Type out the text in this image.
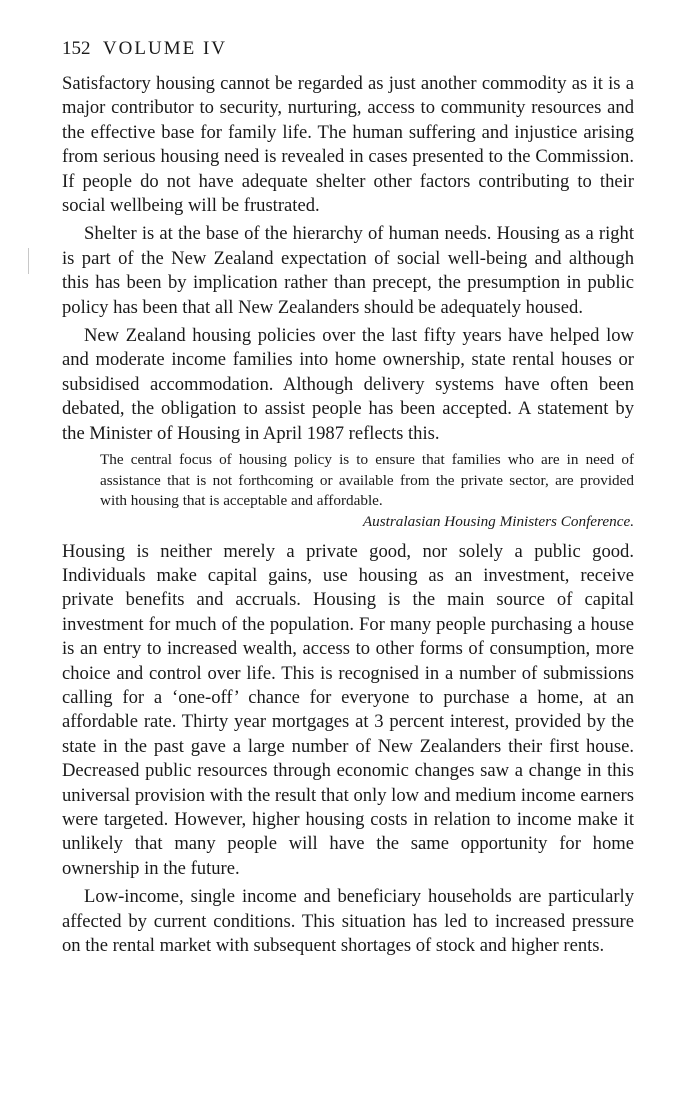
152 VOLUME IV

Satisfactory housing cannot be regarded as just another commodity as it is a major contributor to security, nurturing, access to community resources and the effective base for family life. The human suffering and injustice arising from serious housing need is revealed in cases presented to the Commission. If people do not have adequate shelter other factors contributing to their social wellbeing will be frustrated.

Shelter is at the base of the hierarchy of human needs. Housing as a right is part of the New Zealand expectation of social well-being and although this has been by implication rather than precept, the presumption in public policy has been that all New Zealanders should be adequately housed.

New Zealand housing policies over the last fifty years have helped low and moderate income families into home ownership, state rental houses or subsidised accommodation. Although delivery systems have often been debated, the obligation to assist people has been accepted. A statement by the Minister of Housing in April 1987 reflects this.

The central focus of housing policy is to ensure that families who are in need of assistance that is not forthcoming or available from the private sector, are provided with housing that is acceptable and affordable.

Australasian Housing Ministers Conference.

Housing is neither merely a private good, nor solely a public good. Individuals make capital gains, use housing as an investment, receive private benefits and accruals. Housing is the main source of capital investment for much of the population. For many people purchasing a house is an entry to increased wealth, access to other forms of consumption, more choice and control over life. This is recognised in a number of submissions calling for a ‘one-off’ chance for everyone to purchase a home, at an affordable rate. Thirty year mortgages at 3 percent interest, provided by the state in the past gave a large number of New Zealanders their first house. Decreased public resources through economic changes saw a change in this universal provision with the result that only low and medium income earners were targeted. However, higher housing costs in relation to income make it unlikely that many people will have the same opportunity for home ownership in the future.

Low-income, single income and beneficiary households are particularly affected by current conditions. This situation has led to increased pressure on the rental market with subsequent shortages of stock and higher rents.
